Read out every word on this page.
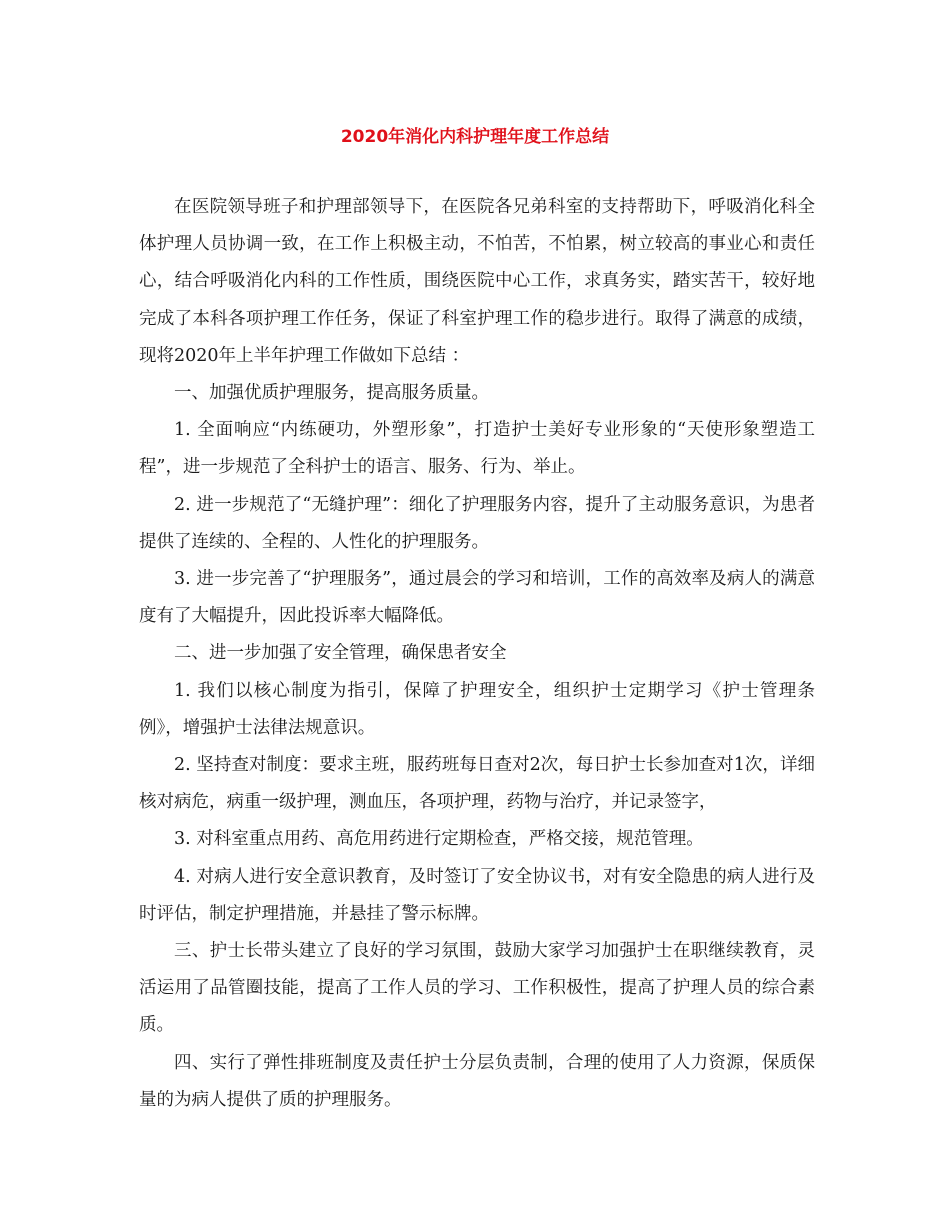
2020年消化内科护理年度工作总结

在医院领导班子和护理部领导下，在医院各兄弟科室的支持帮助下，呼吸消化科全体护理人员协调一致，在工作上积极主动，不怕苦，不怕累，树立较高的事业心和责任心，结合呼吸消化内科的工作性质，围绕医院中心工作，求真务实，踏实苦干，较好地完成了本科各项护理工作任务，保证了科室护理工作的稳步进行。取得了满意的成绩，现将2020年上半年护理工作做如下总结 ：

一、加强优质护理服务，提高服务质量。

1. 全面响应“内练硬功，外塑形象”，打造护士美好专业形象的“天使形象塑造工程”，进一步规范了全科护士的语言、服务、行为、举止。

2. 进一步规范了“无缝护理”：细化了护理服务内容，提升了主动服务意识，为患者提供了连续的、全程的、人性化的护理服务。

3. 进一步完善了“护理服务”，通过晨会的学习和培训，工作的高效率及病人的满意度有了大幅提升，因此投诉率大幅降低。

二、进一步加强了安全管理，确保患者安全

1. 我们以核心制度为指引，保障了护理安全，组织护士定期学习《护士管理条例》，增强护士法律法规意识。

2. 坚持查对制度：要求主班，服药班每日查对2次，每日护士长参加查对1次，详细核对病危，病重一级护理，测血压，各项护理，药物与治疗，并记录签字，

3. 对科室重点用药、高危用药进行定期检查，严格交接，规范管理。

4. 对病人进行安全意识教育，及时签订了安全协议书，对有安全隐患的病人进行及时评估，制定护理措施，并悬挂了警示标牌。

三、护士长带头建立了良好的学习氛围，鼓励大家学习加强护士在职继续教育，灵活运用了品管圈技能，提高了工作人员的学习、工作积极性，提高了护理人员的综合素质。

四、实行了弹性排班制度及责任护士分层负责制，合理的使用了人力资源，保质保量的为病人提供了质的护理服务。
